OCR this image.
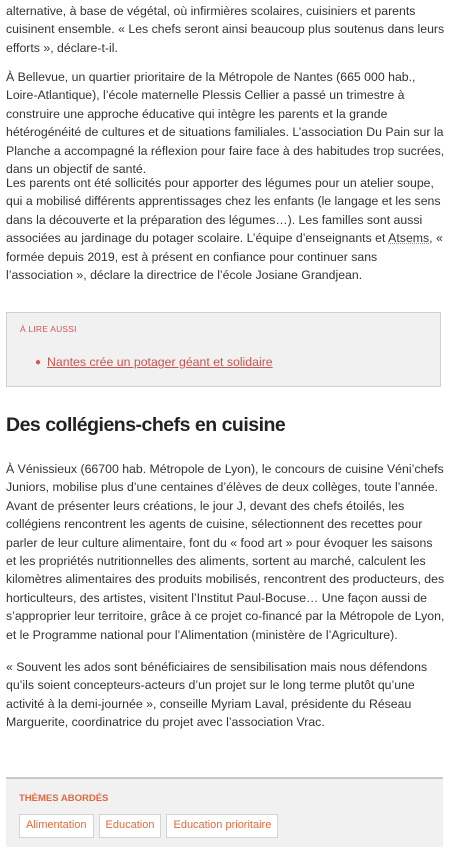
alternative, à base de végétal, où infirmières scolaires, cuisiniers et parents cuisinent ensemble. « Les chefs seront ainsi beaucoup plus soutenus dans leurs efforts », déclare-t-il.

À Bellevue, un quartier prioritaire de la Métropole de Nantes (665 000 hab., Loire-Atlantique), l’école maternelle Plessis Cellier a passé un trimestre à construire une approche éducative qui intègre les parents et la grande hétérogénéité de cultures et de situations familiales. L’association Du Pain sur la Planche a accompagné la réflexion pour faire face à des habitudes trop sucrées, dans un objectif de santé.

Les parents ont été sollicités pour apporter des légumes pour un atelier soupe, qui a mobilisé différents apprentissages chez les enfants (le langage et les sens dans la découverte et la préparation des légumes…). Les familles sont aussi associées au jardinage du potager scolaire. L’équipe d’enseignants et Atsems, « formée depuis 2019, est à présent en confiance pour continuer sans l’association », déclare la directrice de l’école Josiane Grandjean.

À LIRE AUSSI
● Nantes crée un potager géant et solidaire
Des collégiens-chefs en cuisine

À Vénissieux (66700 hab. Métropole de Lyon), le concours de cuisine Véni’chefs Juniors, mobilise plus d’une centaines d’élèves de deux collèges, toute l’année. Avant de présenter leurs créations, le jour J, devant des chefs étoilés, les collégiens rencontrent les agents de cuisine, sélectionnent des recettes pour parler de leur culture alimentaire, font du « food art » pour évoquer les saisons et les propriétés nutritionnelles des aliments, sortent au marché, calculent les kilomètres alimentaires des produits mobilisés, rencontrent des producteurs, des horticulteurs, des artistes, visitent l’Institut Paul-Bocuse… Une façon aussi de s’approprier leur territoire, grâce à ce projet co-financé par la Métropole de Lyon, et le Programme national pour l’Alimentation (ministère de l’Agriculture).

« Souvent les ados sont bénéficiaires de sensibilisation mais nous défendons qu’ils soient concepteurs-acteurs d’un projet sur le long terme plutôt qu’une activité à la demi-journée », conseille Myriam Laval, présidente du Réseau Marguerite, coordinatrice du projet avec l’association Vrac.

THÈMES ABORDÉS
Alimentation	Education	Education prioritaire
